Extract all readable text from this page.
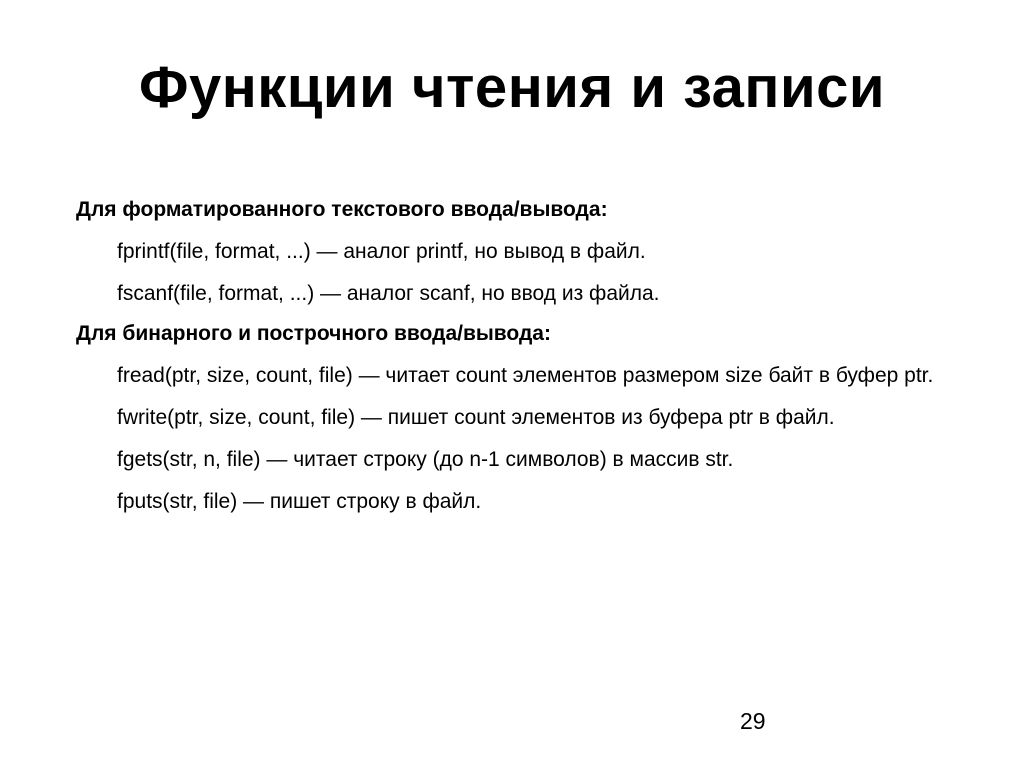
Функции чтения и записи
Для форматированного текстового ввода/вывода:
fprintf(file, format, ...) — аналог printf, но вывод в файл.
fscanf(file, format, ...) — аналог scanf, но ввод из файла.
Для бинарного и построчного ввода/вывода:
fread(ptr, size, count, file) — читает count элементов размером size байт в буфер ptr.
fwrite(ptr, size, count, file) — пишет count элементов из буфера ptr в файл.
fgets(str, n, file) — читает строку (до n-1 символов) в массив str.
fputs(str, file) — пишет строку в файл.
29
